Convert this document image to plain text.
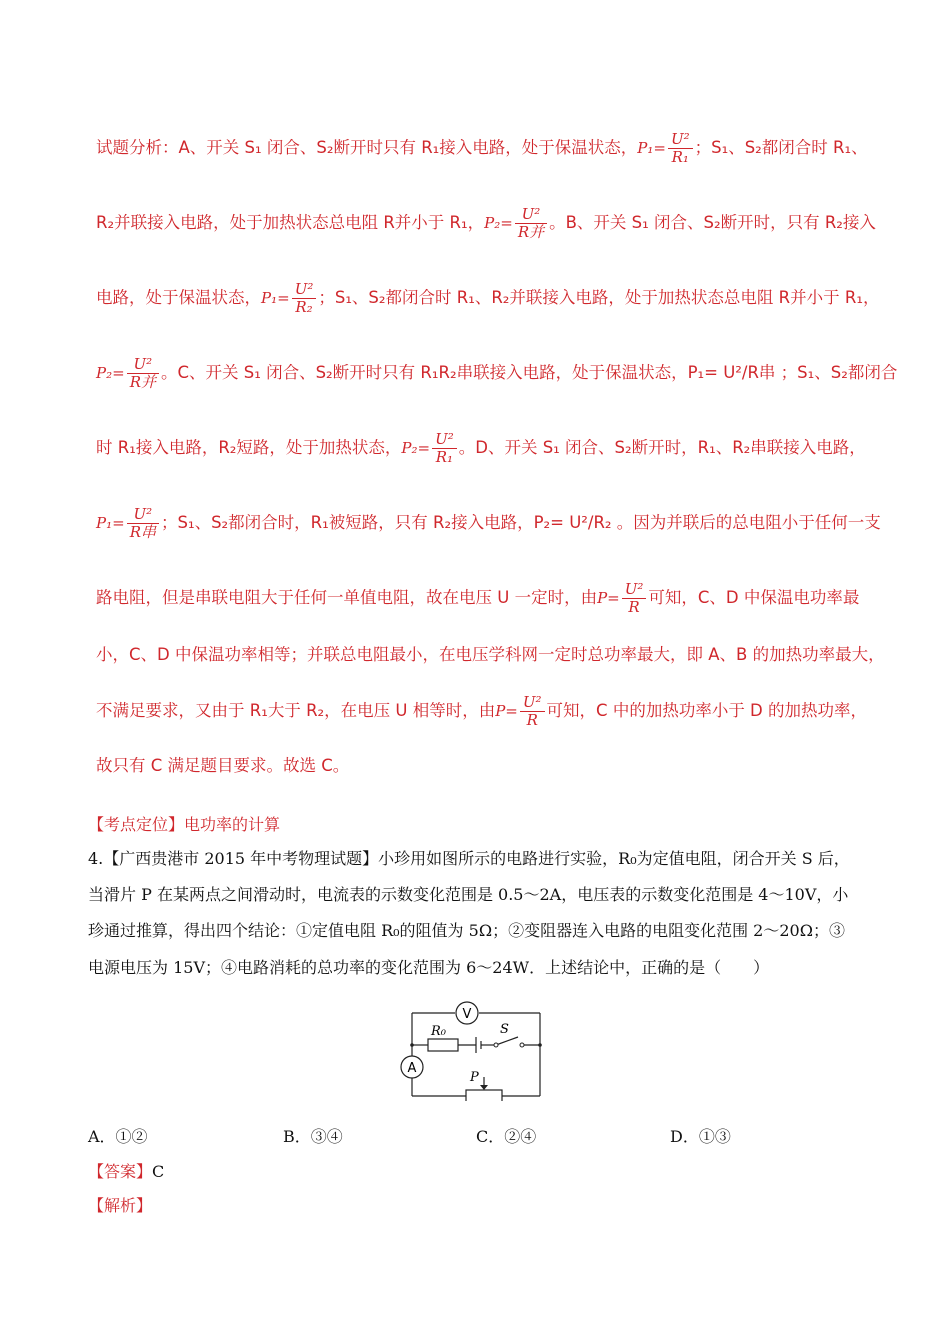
试题分析：A、开关 S₁ 闭合、S₂断开时只有 R₁接入电路，处于保温状态，$P_1= \frac{\text{U²}}{\text{R₁}}$ ；S₁、S₂都闭合时 R₁、
R₂并联接入电路，处于加热状态总电阻 R并小于 R₁，$P_2= \frac{\text{U²}}{\text{R并}}$ 。B、开关 S₁ 闭合、S₂断开时，只有 R₂接入
电路，处于保温状态，$P_1= \frac{\text{U²}}{\text{R₂}}$ ；S₁、S₂都闭合时 R₁、R₂并联接入电路，处于加热状态总电阻 R并小于 R₁，
$P_2= \frac{\text{U²}}{\text{R并}}$ 。C、开关 S₁ 闭合、S₂断开时只有 R₁R₂串联接入电路，处于保温状态，P₁= U²/R串 ；S₁、S₂都闭合
时 R₁接入电路，R₂短路，处于加热状态，$P_2= \frac{\text{U²}}{\text{R₁}}$ 。D、开关 S₁ 闭合、S₂断开时，R₁、R₂串联接入电路，
$P_1= \frac{\text{U²}}{\text{R串}}$ ；S₁、S₂都闭合时，R₁被短路，只有 R₂接入电路，P₂= U²/R₂ 。因为并联后的总电阻小于任何一支
路电阻，但是串联电阻大于任何一单值电阻，故在电压 U 一定时，由$P= \frac{\text{U²}}{R}$ 可知，C、D 中保温电功率最
小，C、D 中保温功率相等；并联总电阻最小，在电压学科网一定时总功率最大，即 A、B 的加热功率最大，
不满足要求，又由于 R₁大于 R₂，在电压 U 相等时，由$P= \frac{\text{U²}}{R}$ 可知，C 中的加热功率小于 D 的加热功率，
故只有 C 满足题目要求。故选 C。
【考点定位】电功率的计算
4.【广西贵港市 2015 年中考物理试题】小珍用如图所示的电路进行实验，R₀为定值电阻，闭合开关 S 后，
当滑片 P 在某两点之间滑动时，电流表的示数变化范围是 0.5～2A，电压表的示数变化范围是 4～10V，小
珍通过推算，得出四个结论：①定值电阻 R₀的阻值为 5Ω；②变阻器连入电路的电阻变化范围 2～20Ω；③
电源电压为 15V；④电路消耗的总功率的变化范围为 6～24W．上述结论中，正确的是（　　）
V
A
R₀	S
P
A．①②	B．③④	C．②④	D．①③
【答案】C
【解析】
